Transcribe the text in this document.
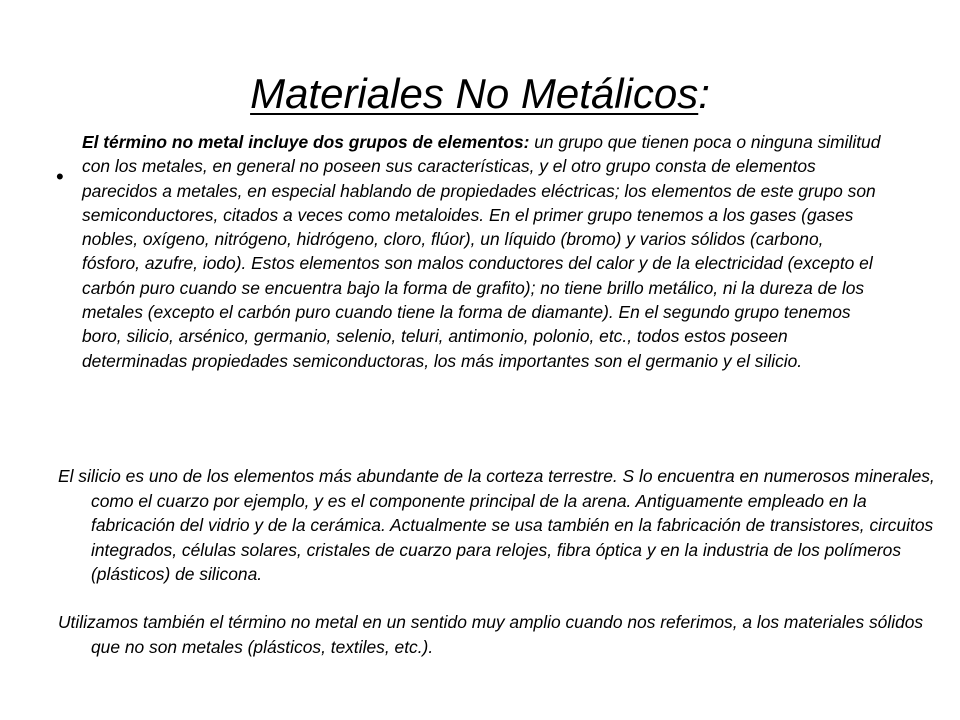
Materiales No Metálicos:
•

El término no metal incluye dos grupos de elementos: un grupo que tienen poca o ninguna similitud con los metales, en general no poseen sus características, y el otro grupo consta de elementos parecidos a metales, en especial hablando de propiedades eléctricas; los elementos de este grupo son semiconductores, citados a veces como metaloides. En el primer grupo tenemos a los gases (gases nobles, oxígeno, nitrógeno, hidrógeno, cloro, flúor), un líquido (bromo) y varios sólidos (carbono, fósforo, azufre, iodo). Estos elementos son malos conductores del calor y de la electricidad (excepto el carbón puro cuando se encuentra bajo la forma de grafito); no tiene brillo metálico, ni la dureza de los metales (excepto el carbón puro cuando tiene la forma de diamante). En el segundo grupo tenemos boro, silicio, arsénico, germanio, selenio, teluri, antimonio, polonio, etc., todos estos poseen determinadas propiedades semiconductoras, los más importantes son el germanio y el silicio.

El silicio es uno de los elementos más abundante de la corteza terrestre. S lo encuentra en numerosos minerales, como el cuarzo por ejemplo, y es el componente principal de la arena. Antiguamente empleado en la fabricación del vidrio y de la cerámica. Actualmente se usa también en la fabricación de transistores, circuitos integrados, células solares, cristales de cuarzo para relojes, fibra óptica y en la industria de los polímeros (plásticos) de silicona.

Utilizamos también el término no metal en un sentido muy amplio cuando nos referimos, a los materiales sólidos que no son metales (plásticos, textiles, etc.).
